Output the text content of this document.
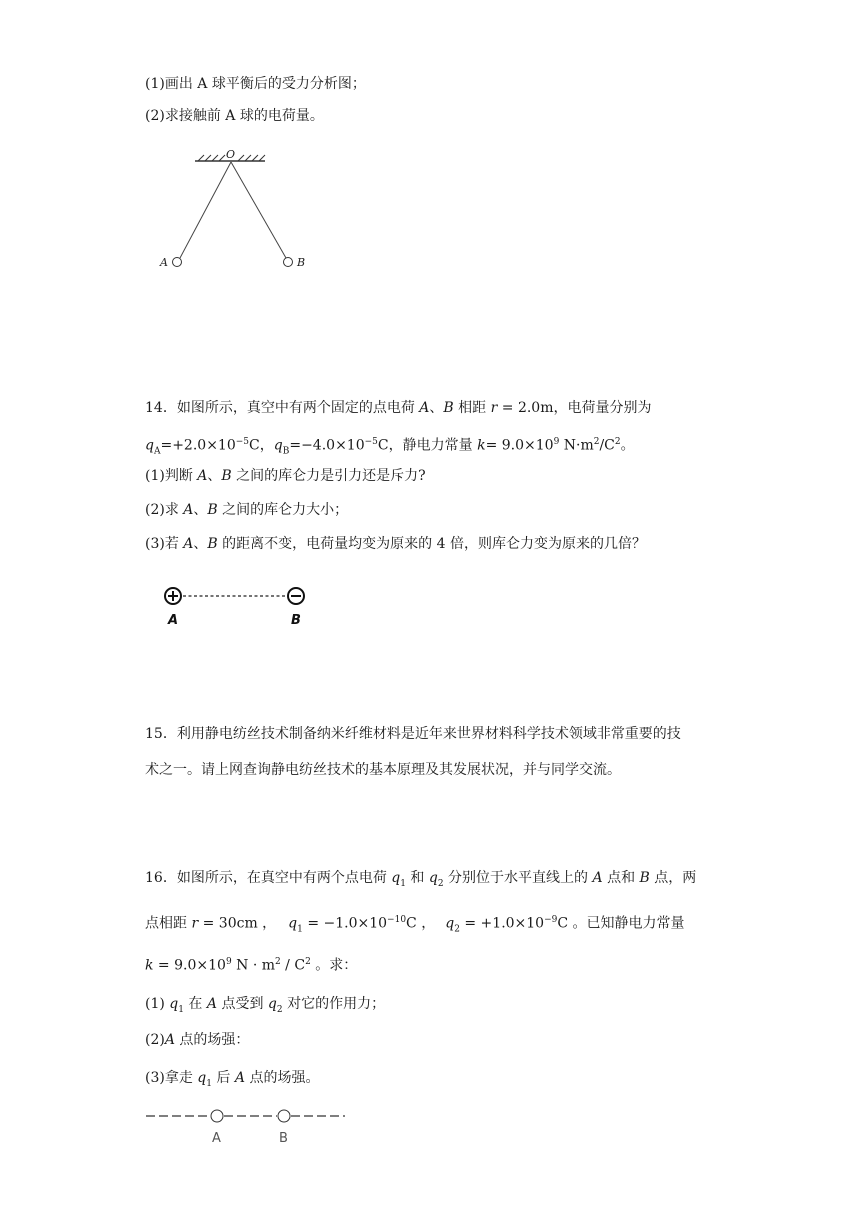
(1)画出 A 球平衡后的受力分析图；
(2)求接触前 A 球的电荷量。
O
A	B
14．如图所示，真空中有两个固定的点电荷 A、B 相距 r = 2.0m，电荷量分别为
$q_A=+2.0\times 10^{-5}C$，$q_B=-4.0\times 10^{-5}C$，静电力常量 $k= 9.0\times 10^9$ $N\cdot m^2/C^2$。
(1)判断 A、B 之间的库仑力是引力还是斥力?
(2)求 A、B 之间的库仑力大小；
(3)若 A、B 的距离不变，电荷量均变为原来的 4 倍，则库仑力变为原来的几倍？
A	B
15．利用静电纺丝技术制备纳米纤维材料是近年来世界材料科学技术领域非常重要的技
术之一。请上网查询静电纺丝技术的基本原理及其发展状况，并与同学交流。
16．如图所示，在真空中有两个点电荷 $q_1$ 和 $q_2$ 分别位于水平直线上的 A 点和 B 点，两
点相距 r = 30cm ， $q_1 = -1.0\times 10^{-10}C$ ， $q_2 = +1.0\times 10^{-9}C$ 。已知静电力常量
$k = 9.0\times 10^9$ $N \cdot m^2 / C^2$ 。求：
(1) $q_1$ 在 A 点受到 $q_2$ 对它的作用力；
(2)A 点的场强：
(3)拿走 $q_1$ 后 A 点的场强。
A	B
